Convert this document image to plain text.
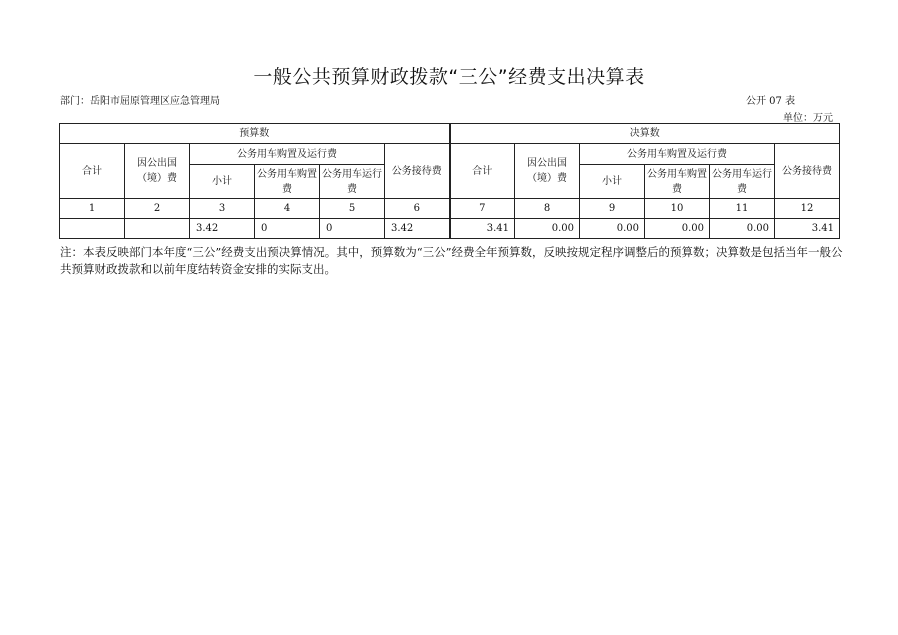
一般公共预算财政拨款“三公”经费支出决算表
部门：岳阳市屈原管理区应急管理局	公开 07 表
单位：万元
预算数						决算数					
合计	因公出国（境）费	公务用车购置及运行费			公务接待费	合计	因公出国（境）费	公务用车购置及运行费			公务接待费
		小计	公务用车购置费	公务用车运行费				小计	公务用车购置费	公务用车运行费	
1	2	3	4	5	6	7	8	9	10	11	12
		3.42	0	0	3.42	3.41	0.00	0.00	0.00	0.00	3.41
注：本表反映部门本年度“三公”经费支出预决算情况。其中，预算数为“三公”经费全年预算数，反映按规定程序调整后的预算数；决算数是包括当年一般公共预算财政拨款和以前年度结转资金安排的实际支出。
